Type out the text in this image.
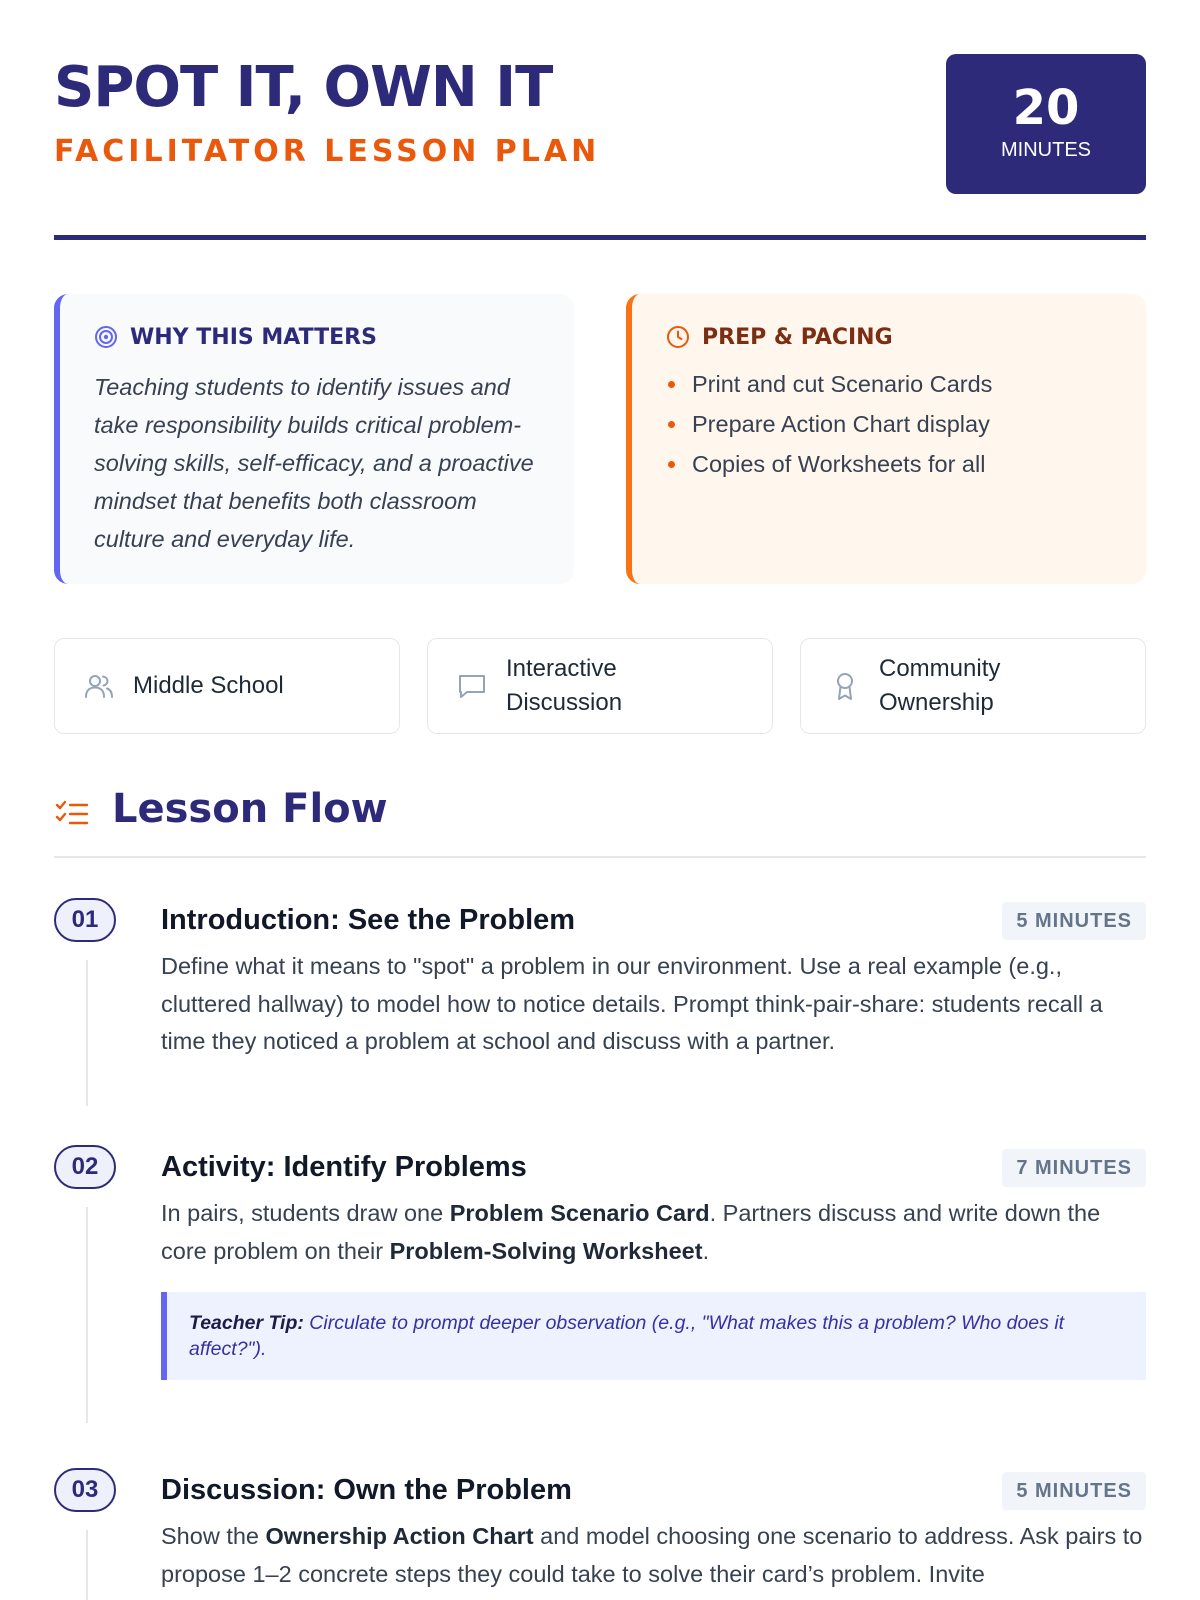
SPOT IT, OWN IT
FACILITATOR LESSON PLAN
20
MINUTES
WHY THIS MATTERS

Teaching students to identify issues and take responsibility builds critical problem-solving skills, self-efficacy, and a proactive mindset that benefits both classroom culture and everyday life.

PREP & PACING
Print and cut Scenario Cards
Prepare Action Chart display
Copies of Worksheets for all
Middle School
Interactive Discussion
Community Ownership
Lesson Flow
01	Introduction: See the Problem	5 MINUTES

Define what it means to "spot" a problem in our environment. Use a real example (e.g., cluttered hallway) to model how to notice details. Prompt think-pair-share: students recall a time they noticed a problem at school and discuss with a partner.

02	Activity: Identify Problems	7 MINUTES

In pairs, students draw one Problem Scenario Card. Partners discuss and write down the core problem on their Problem-Solving Worksheet.

Teacher Tip: Circulate to prompt deeper observation (e.g., "What makes this a problem? Who does it affect?").
03	Discussion: Own the Problem	5 MINUTES

Show the Ownership Action Chart and model choosing one scenario to address. Ask pairs to propose 1–2 concrete steps they could take to solve their card’s problem. Invite
